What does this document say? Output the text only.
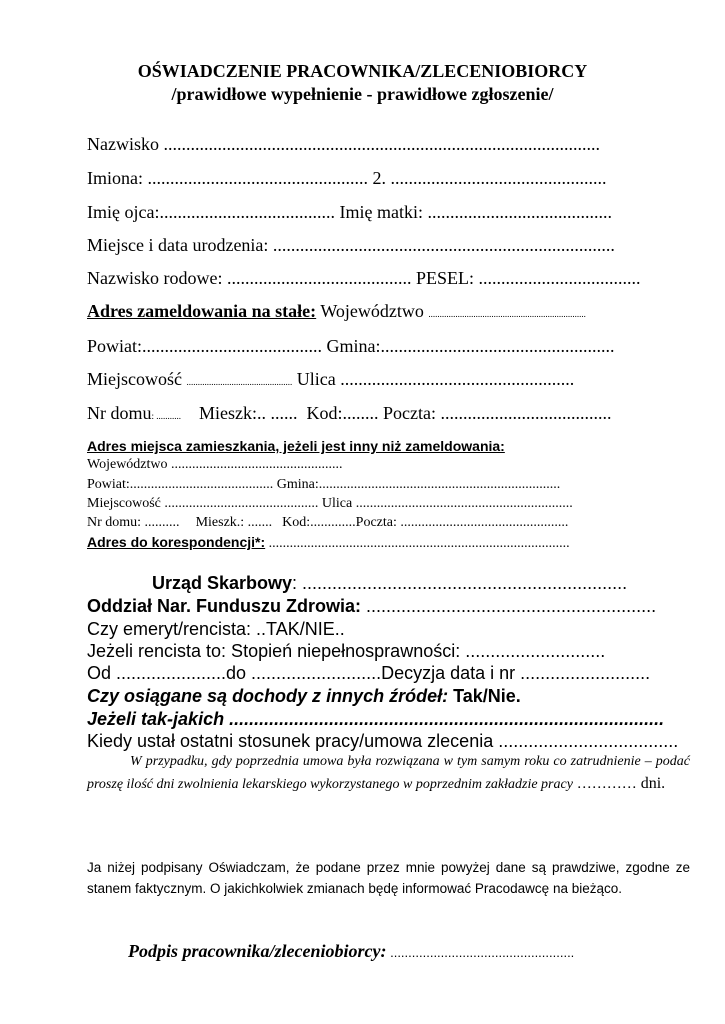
OŚWIADCZENIE PRACOWNIKA/ZLECENIOBIORCY
/prawidłowe wypełnienie - prawidłowe zgłoszenie/
Nazwisko .................................................................................................
Imiona: ................................................. 2. ................................................
Imię ojca:....................................... Imię matki: .........................................
Miejsce i data urodzenia: ............................................................................
Nazwisko rodowe: ......................................... PESEL: ....................................
Adres zameldowania na stałe: Województwo ......................................................................
Powiat:........................................ Gmina:....................................................
Miejscowość ............................................... Ulica ....................................................
Nr domu: ........... Mieszk:.. ...... Kod:........ Poczta: ......................................
Adres miejsca zamieszkania, jeżeli jest inny niż zameldowania:
Województwo .................................................
Powiat:......................................... Gmina:.....................................................................
Miejscowość ............................................ Ulica ..............................................................
Nr domu: .......... Mieszk.: ....... Kod:.............Poczta: ................................................
Adres do korespondencji*: ......................................................................................
Urząd Skarbowy: .................................................................
Oddział Nar. Funduszu Zdrowia: ..........................................................
Czy emeryt/rencista: ..TAK/NIE..
Jeżeli rencista to: Stopień niepełnosprawności: ............................
Od ......................do ..........................Decyzja data i nr ..........................
Czy osiągane są dochody z innych źródeł: Tak/Nie.
Jeżeli tak-jakich .......................................................................................
Kiedy ustał ostatni stosunek pracy/umowa zlecenia ....................................
W przypadku, gdy poprzednia umowa była rozwiązana w tym samym roku co zatrudnienie – podać proszę ilość dni zwolnienia lekarskiego wykorzystanego w poprzednim zakładzie pracy ………… dni.
Ja niżej podpisany Oświadczam, że podane przez mnie powyżej dane są prawdziwe, zgodne ze stanem faktycznym. O jakichkolwiek zmianach będę informować Pracodawcę na bieżąco.
Podpis pracownika/zleceniobiorcy: ...................................................
